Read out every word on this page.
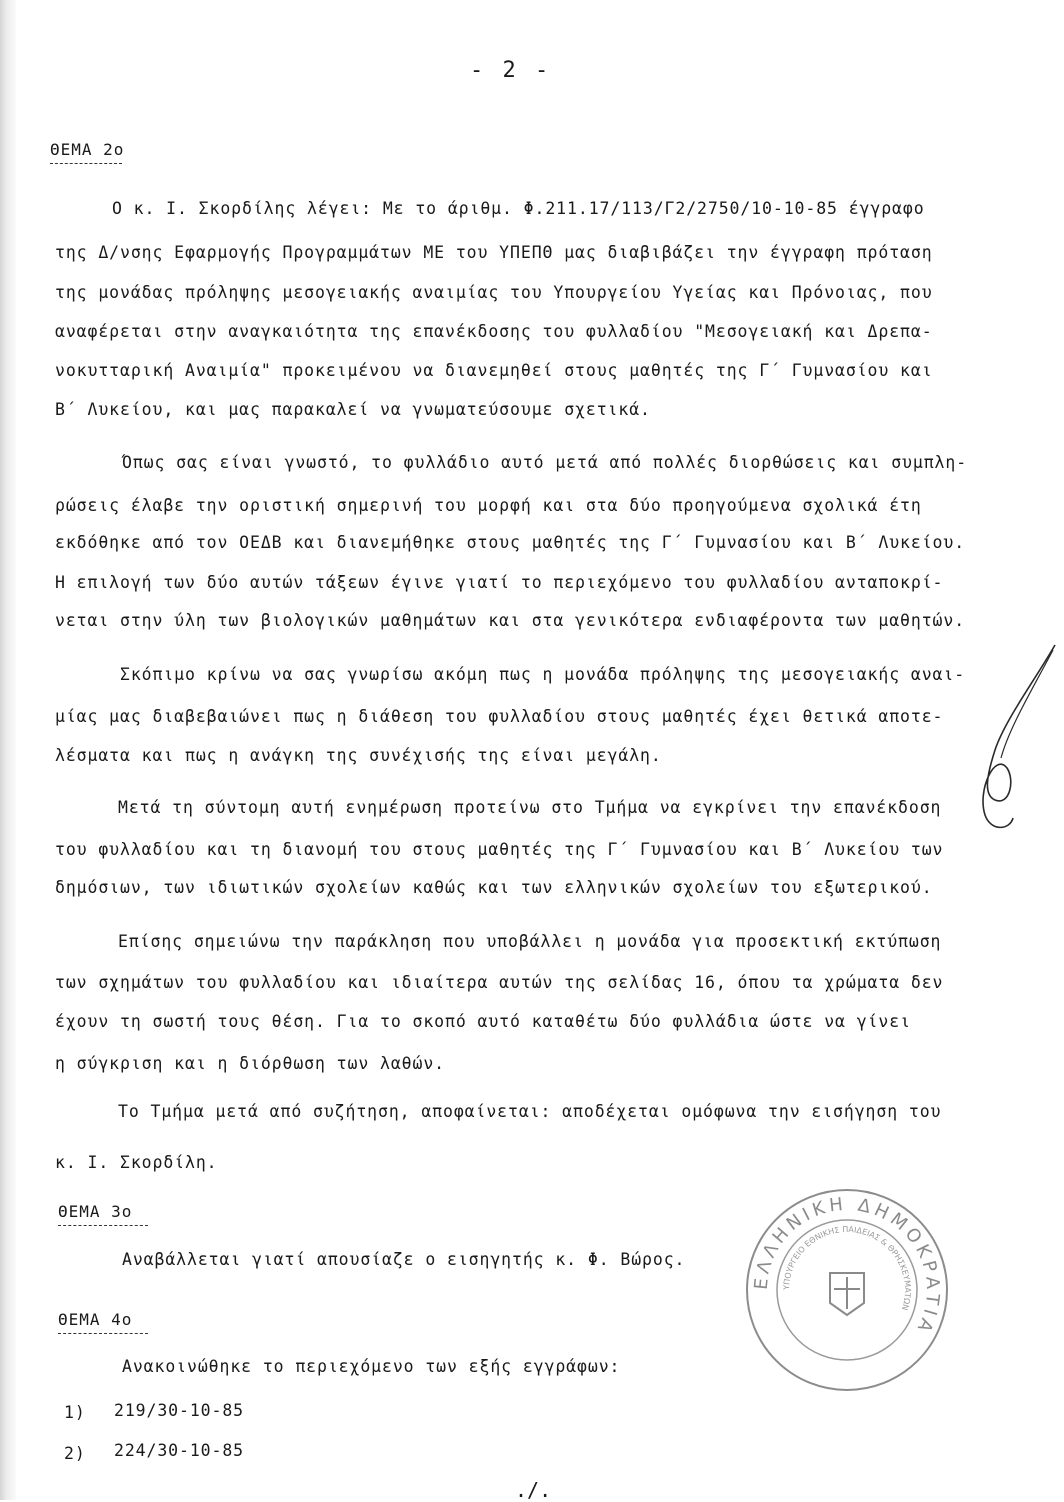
- 2 -
ΘΕΜΑ 2ο
Ο κ. Ι. Σκορδίλης λέγει: Με το άριθμ. Φ.211.17/113/Γ2/2750/10-10-85 έγγραφο
της Δ/νσης Εφαρμογής Προγραμμάτων ΜΕ του ΥΠΕΠΘ μας διαβιβάζει την έγγραφη πρόταση
της μονάδας πρόληψης μεσογειακής αναιμίας του Υπουργείου Υγείας και Πρόνοιας, που
αναφέρεται στην αναγκαιότητα της επανέκδοσης του φυλλαδίου "Μεσογειακή και Δρεπα-
νοκυτταρική Αναιμία" προκειμένου να διανεμηθεί στους μαθητές της Γ΄ Γυμνασίου και
Β΄ Λυκείου, και μας παρακαλεί να γνωματεύσουμε σχετικά.
Όπως σας είναι γνωστό, το φυλλάδιο αυτό μετά από πολλές διορθώσεις και συμπλη-
ρώσεις έλαβε την οριστική σημερινή του μορφή και στα δύο προηγούμενα σχολικά έτη
εκδόθηκε από τον ΟΕΔΒ και διανεμήθηκε στους μαθητές της Γ΄ Γυμνασίου και Β΄ Λυκείου.
Η επιλογή των δύο αυτών τάξεων έγινε γιατί το περιεχόμενο του φυλλαδίου ανταποκρί-
νεται στην ύλη των βιολογικών μαθημάτων και στα γενικότερα ενδιαφέροντα των μαθητών.
Σκόπιμο κρίνω να σας γνωρίσω ακόμη πως η μονάδα πρόληψης της μεσογειακής αναι-
μίας μας διαβεβαιώνει πως η διάθεση του φυλλαδίου στους μαθητές έχει θετικά αποτε-
λέσματα και πως η ανάγκη της συνέχισής της είναι μεγάλη.
Μετά τη σύντομη αυτή ενημέρωση προτείνω στο Τμήμα να εγκρίνει την επανέκδοση
του φυλλαδίου και τη διανομή του στους μαθητές της Γ΄ Γυμνασίου και Β΄ Λυκείου των
δημόσιων, των ιδιωτικών σχολείων καθώς και των ελληνικών σχολείων του εξωτερικού.
Επίσης σημειώνω την παράκληση που υποβάλλει η μονάδα για προσεκτική εκτύπωση
των σχημάτων του φυλλαδίου και ιδιαίτερα αυτών της σελίδας 16, όπου τα χρώματα δεν
έχουν τη σωστή τους θέση. Για το σκοπό αυτό καταθέτω δύο φυλλάδια ώστε να γίνει
η σύγκριση και η διόρθωση των λαθών.
Το Τμήμα μετά από συζήτηση, αποφαίνεται: αποδέχεται ομόφωνα την εισήγηση του
κ. Ι. Σκορδίλη.
ΘΕΜΑ 3ο
Αναβάλλεται γιατί απουσίαζε ο εισηγητής κ. Φ. Βώρος.
ΘΕΜΑ 4ο
Ανακοινώθηκε το περιεχόμενο των εξής εγγράφων:
1) 219/30-10-85
2) 224/30-10-85
ΕΛΛΗΝΙΚΗ ΔΗΜΟΚΡΑΤΙΑ
ΥΠΟΥΡΓΕΙΟ ΕΘΝΙΚΗΣ ΠΑΙΔΕΙΑΣ & ΘΡΗΣΚΕΥΜΑΤΩΝ
./.
